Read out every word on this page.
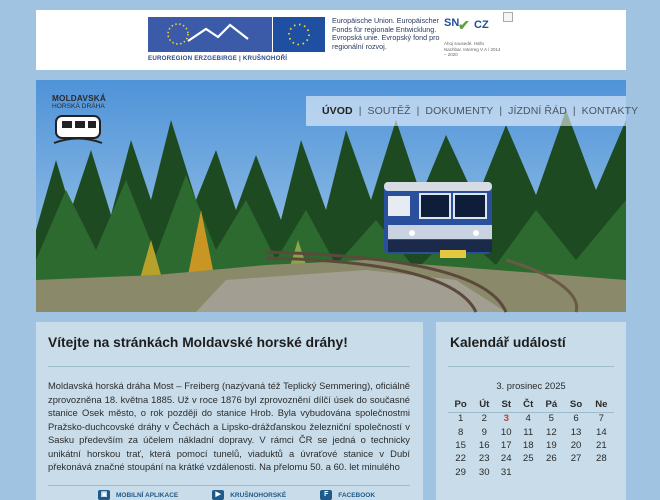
EUROREGION ERZGEBIRGE | KRUŠNOHOŘÍ
Europäische Union. Europäischer Fonds für regionale Entwicklung. Evropská unie. Evropský fond pro regionální rozvoj.
SN
✔ CZ
Ahoj sousedé. Hallo Nachbar. Interreg V A / 2014 – 2020
MOLDAVSKÁ
HORSKÁ DRÁHA	ÚVOD | SOUTĚŽ | DOKUMENTY | JÍZDNÍ ŘÁD | KONTAKTY
Vítejte na stránkách Moldavské horské dráhy!

Moldavská horská dráha Most – Freiberg (nazývaná též Teplický Semmering), oficiálně zprovozněna 18. května 1885. Už v roce 1876 byl zprovoznění dílčí úsek do současné stanice Osek město, o rok později do stanice Hrob. Byla vybudována společnostmi Pražsko-duchcovské dráhy v Čechách a Lipsko-drážďanskou železniční společností v Sasku především za účelem nákladní dopravy. V rámci ČR se jedná o technicky unikátní horskou trať, která pomocí tunelů, viaduktů a úvraťové stanice v Dubí překonává značné stoupání na krátké vzdálenosti. Na přelomu 50. a 60. let minulého

▣	MOBILNÍ APLIKACE	▶	KRUŠNOHORSKÉ	F	FACEBOOK
Kalendář událostí
3. prosinec 2025
Po	Út	St	Čt	Pá	So	Ne
1	2	3	4	5	6	7
8	9	10	11	12	13	14
15	16	17	18	19	20	21
22	23	24	25	26	27	28
29	30	31				
